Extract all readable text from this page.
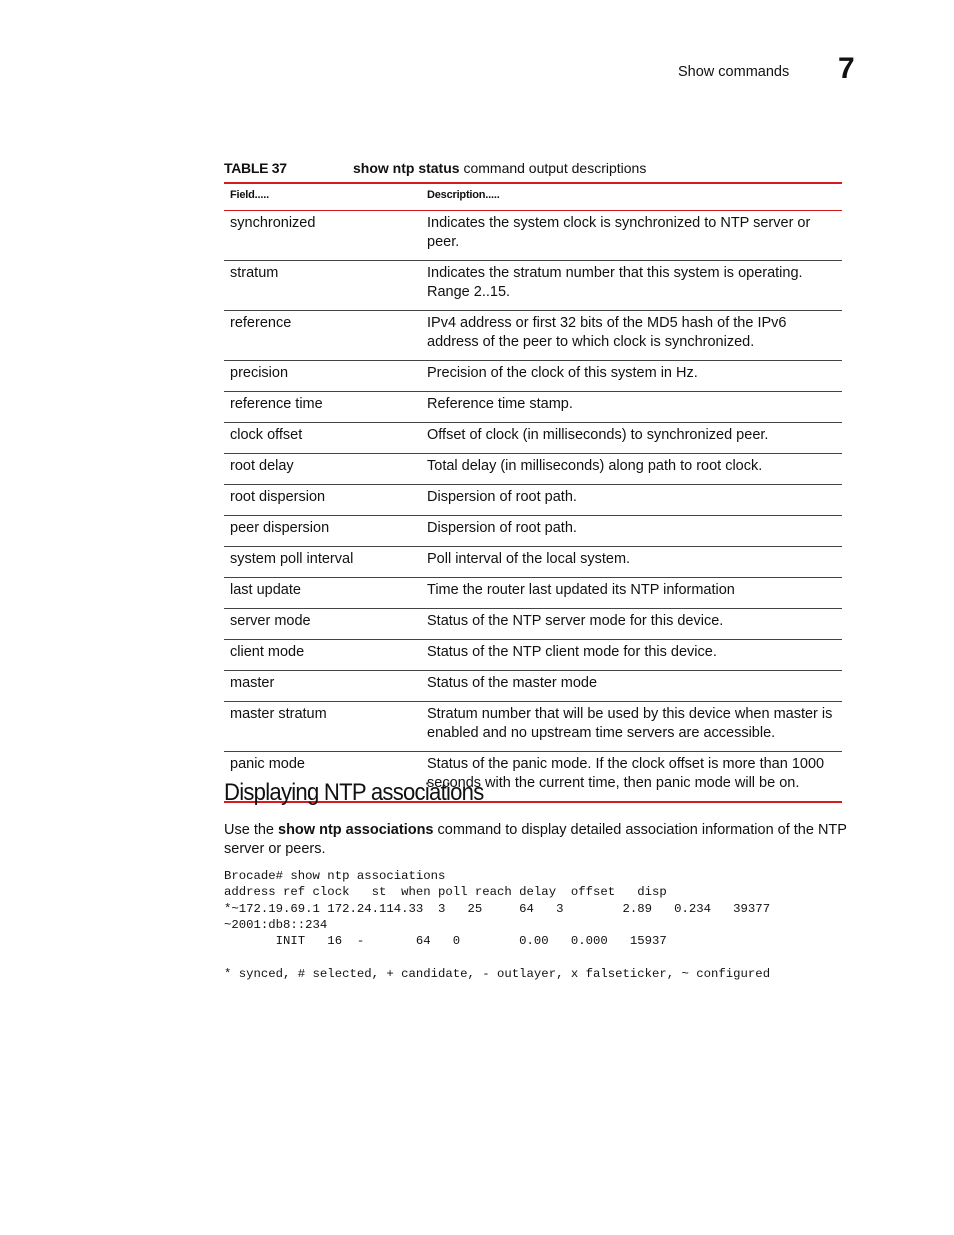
Show commands 7
TABLE 37	show ntp status command output descriptions
Field.....	Description.....
synchronized	Indicates the system clock is synchronized to NTP server or peer.
stratum	Indicates the stratum number that this system is operating. Range 2..15.
reference	IPv4 address or first 32 bits of the MD5 hash of the IPv6 address of the peer to which clock is synchronized.
precision	Precision of the clock of this system in Hz.
reference time	Reference time stamp.
clock offset	Offset of clock (in milliseconds) to synchronized peer.
root delay	Total delay (in milliseconds) along path to root clock.
root dispersion	Dispersion of root path.
peer dispersion	Dispersion of root path.
system poll interval	Poll interval of the local system.
last update	Time the router last updated its NTP information
server mode	Status of the NTP server mode for this device.
client mode	Status of the NTP client mode for this device.
master	Status of the master mode
master stratum	Stratum number that will be used by this device when master is enabled and no upstream time servers are accessible.
panic mode	Status of the panic mode. If the clock offset is more than 1000 seconds with the current time, then panic mode will be on.
Displaying NTP associations

Use the show ntp associations command to display detailed association information of the NTP server or peers.

Brocade# show ntp associations
address ref clock   st  when poll reach delay  offset   disp
*~172.19.69.1 172.24.114.33  3   25     64   3        2.89   0.234   39377
~2001:db8::234
INIT   16  -       64   0        0.00   0.000   15937

* synced, # selected, + candidate, - outlayer, x falseticker, ~ configured
